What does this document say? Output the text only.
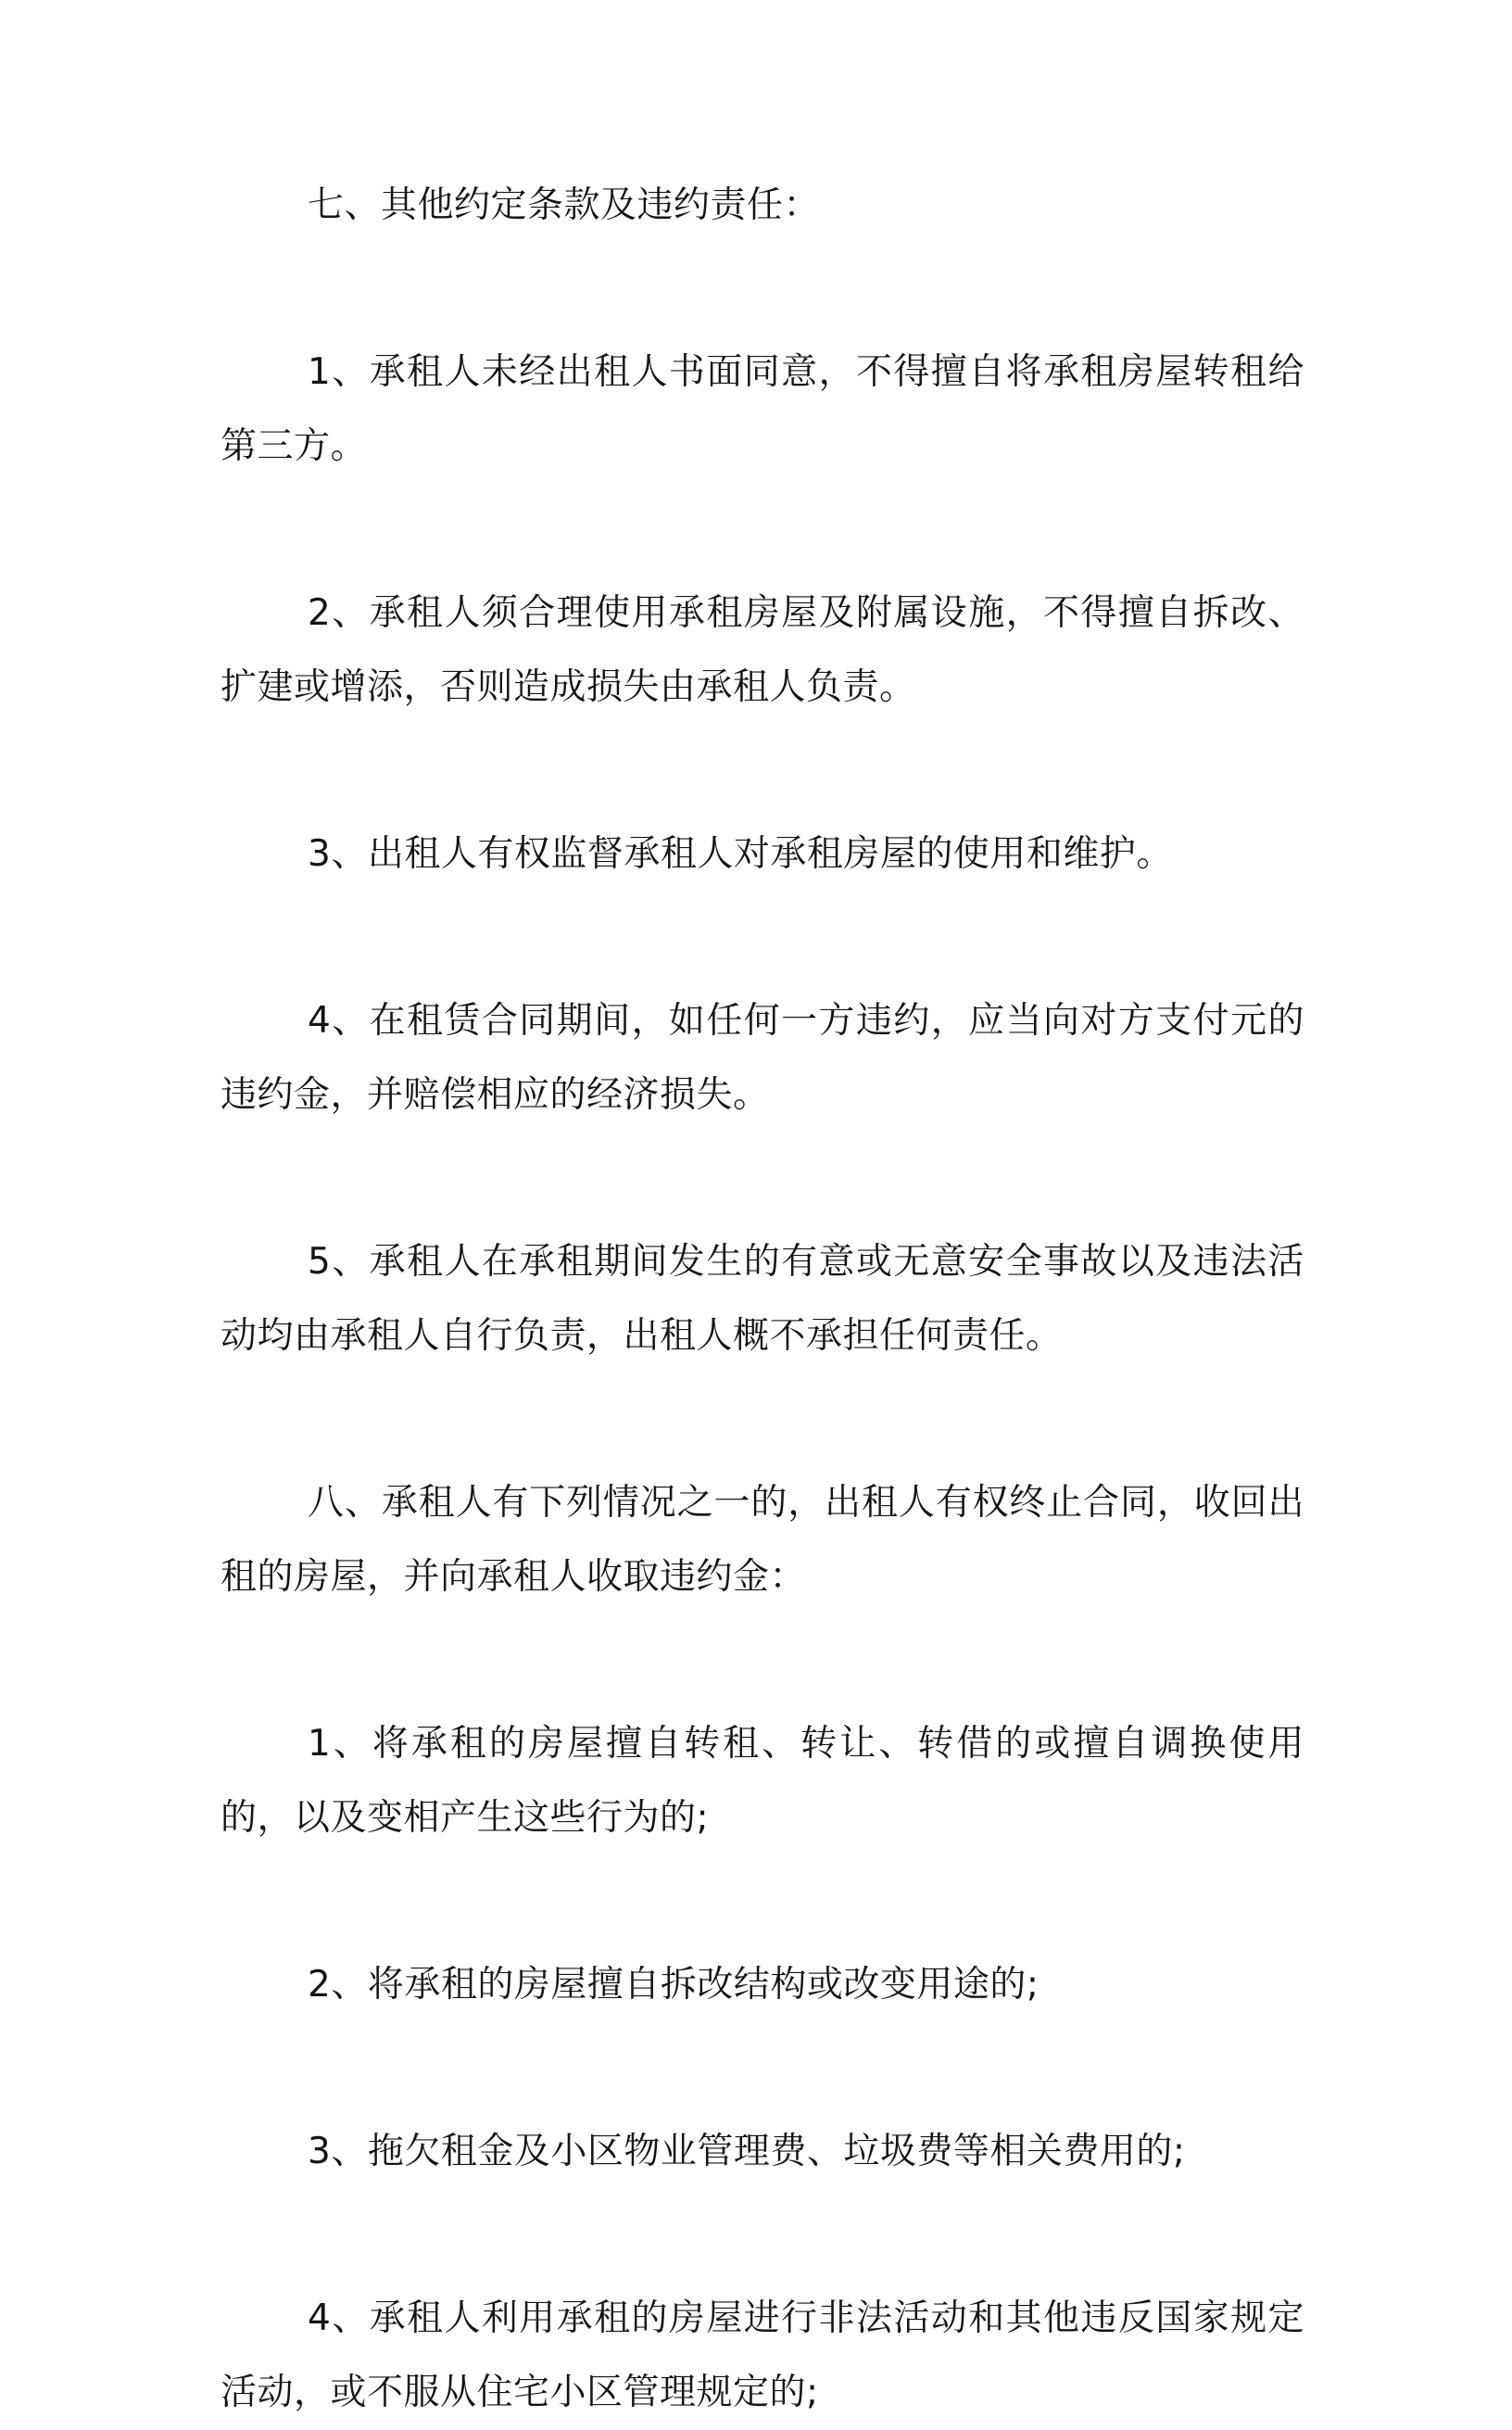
七、其他约定条款及违约责任：

1、承租人未经出租人书面同意，不得擅自将承租房屋转租给第三方。

2、承租人须合理使用承租房屋及附属设施，不得擅自拆改、扩建或增添，否则造成损失由承租人负责。

3、出租人有权监督承租人对承租房屋的使用和维护。

4、在租赁合同期间，如任何一方违约，应当向对方支付元的违约金，并赔偿相应的经济损失。

5、承租人在承租期间发生的有意或无意安全事故以及违法活动均由承租人自行负责，出租人概不承担任何责任。

八、承租人有下列情况之一的，出租人有权终止合同，收回出租的房屋，并向承租人收取违约金：

1、将承租的房屋擅自转租、转让、转借的或擅自调换使用的，以及变相产生这些行为的;

2、将承租的房屋擅自拆改结构或改变用途的;

3、拖欠租金及小区物业管理费、垃圾费等相关费用的;

4、承租人利用承租的房屋进行非法活动和其他违反国家规定活动，或不服从住宅小区管理规定的;
